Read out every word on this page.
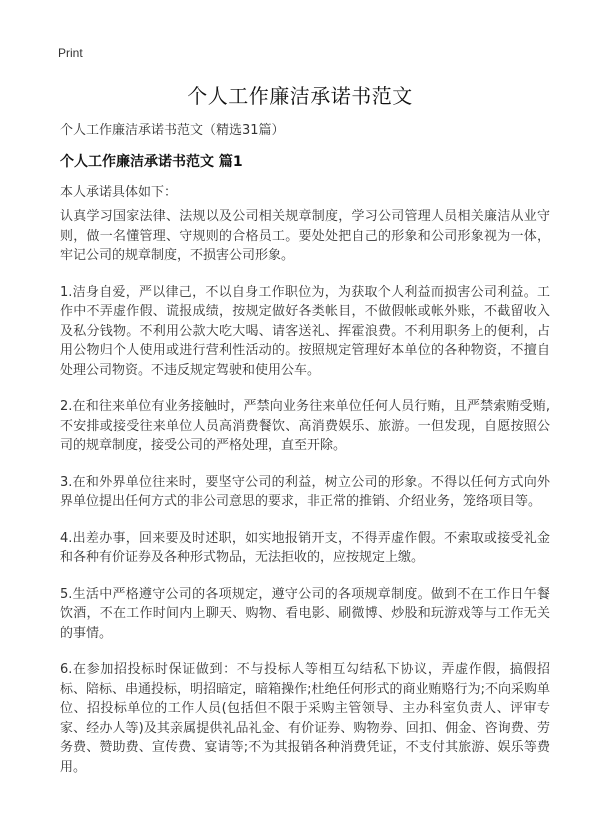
Print
个人工作廉洁承诺书范文
个人工作廉洁承诺书范文（精选31篇）
个人工作廉洁承诺书范文 篇1
本人承诺具体如下：

认真学习国家法律、法规以及公司相关规章制度，学习公司管理人员相关廉洁从业守则，做一名懂管理、守规则的合格员工。要处处把自己的形象和公司形象视为一体，牢记公司的规章制度，不损害公司形象。

1.洁身自爱，严以律己，不以自身工作职位为，为获取个人利益而损害公司利益。工作中不弄虚作假、谎报成绩，按规定做好各类帐目，不做假帐或帐外账，不截留收入及私分钱物。不利用公款大吃大喝、请客送礼、挥霍浪费。不利用职务上的便利，占用公物归个人使用或进行营利性活动的。按照规定管理好本单位的各种物资，不擅自处理公司物资。不违反规定驾驶和使用公车。

2.在和往来单位有业务接触时，严禁向业务往来单位任何人员行贿，且严禁索贿受贿,不安排或接受往来单位人员高消费餐饮、高消费娱乐、旅游。一但发现，自愿按照公司的规章制度，接受公司的严格处理，直至开除。

3.在和外界单位往来时，要坚守公司的利益，树立公司的形象。不得以任何方式向外界单位提出任何方式的非公司意思的要求，非正常的推销、介绍业务，笼络项目等。

4.出差办事，回来要及时述职，如实地报销开支，不得弄虚作假。不索取或接受礼金和各种有价证券及各种形式物品，无法拒收的，应按规定上缴。

5.生活中严格遵守公司的各项规定，遵守公司的各项规章制度。做到不在工作日午餐饮酒，不在工作时间内上聊天、购物、看电影、刷微博、炒股和玩游戏等与工作无关的事情。

6.在参加招投标时保证做到：不与投标人等相互勾结私下协议，弄虚作假，搞假招标、陪标、串通投标，明招暗定，暗箱操作;杜绝任何形式的商业贿赂行为;不向采购单位、招投标单位的工作人员(包括但不限于采购主管领导、主办科室负责人、评审专家、经办人等)及其亲属提供礼品礼金、有价证券、购物券、回扣、佣金、咨询费、劳务费、赞助费、宣传费、宴请等;不为其报销各种消费凭证，不支付其旅游、娱乐等费用。
